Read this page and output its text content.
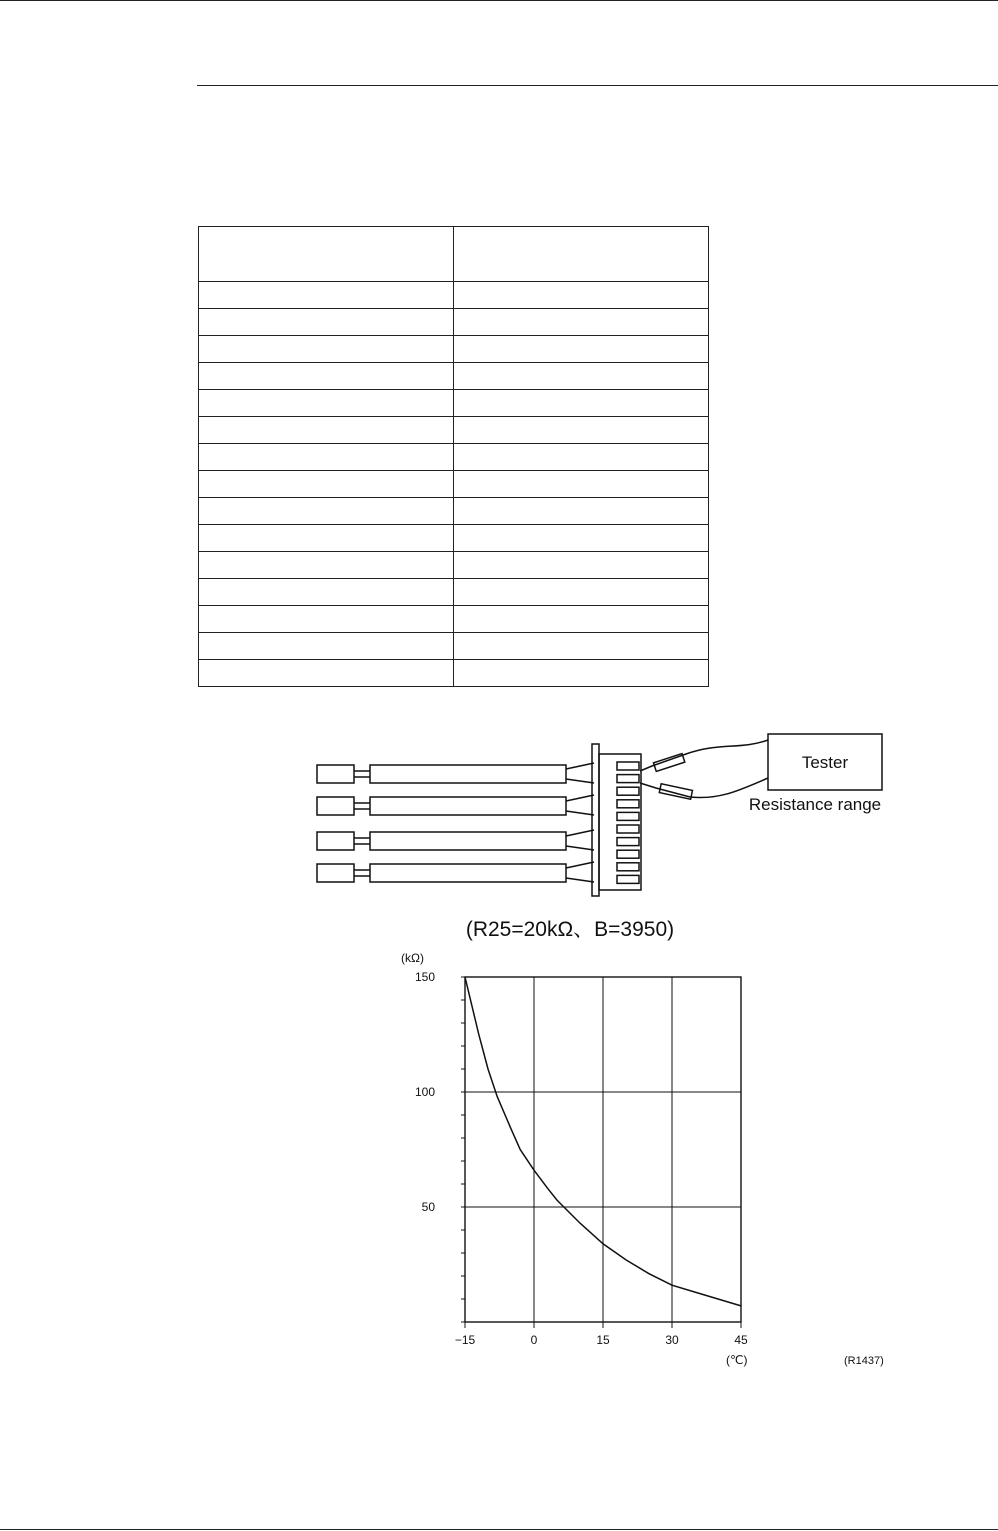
Tester
Resistance range
(R25=20kΩ、B=3950)
−15	0	15	30	45
150
100
50
(kΩ)
(℃)	(R1437)
